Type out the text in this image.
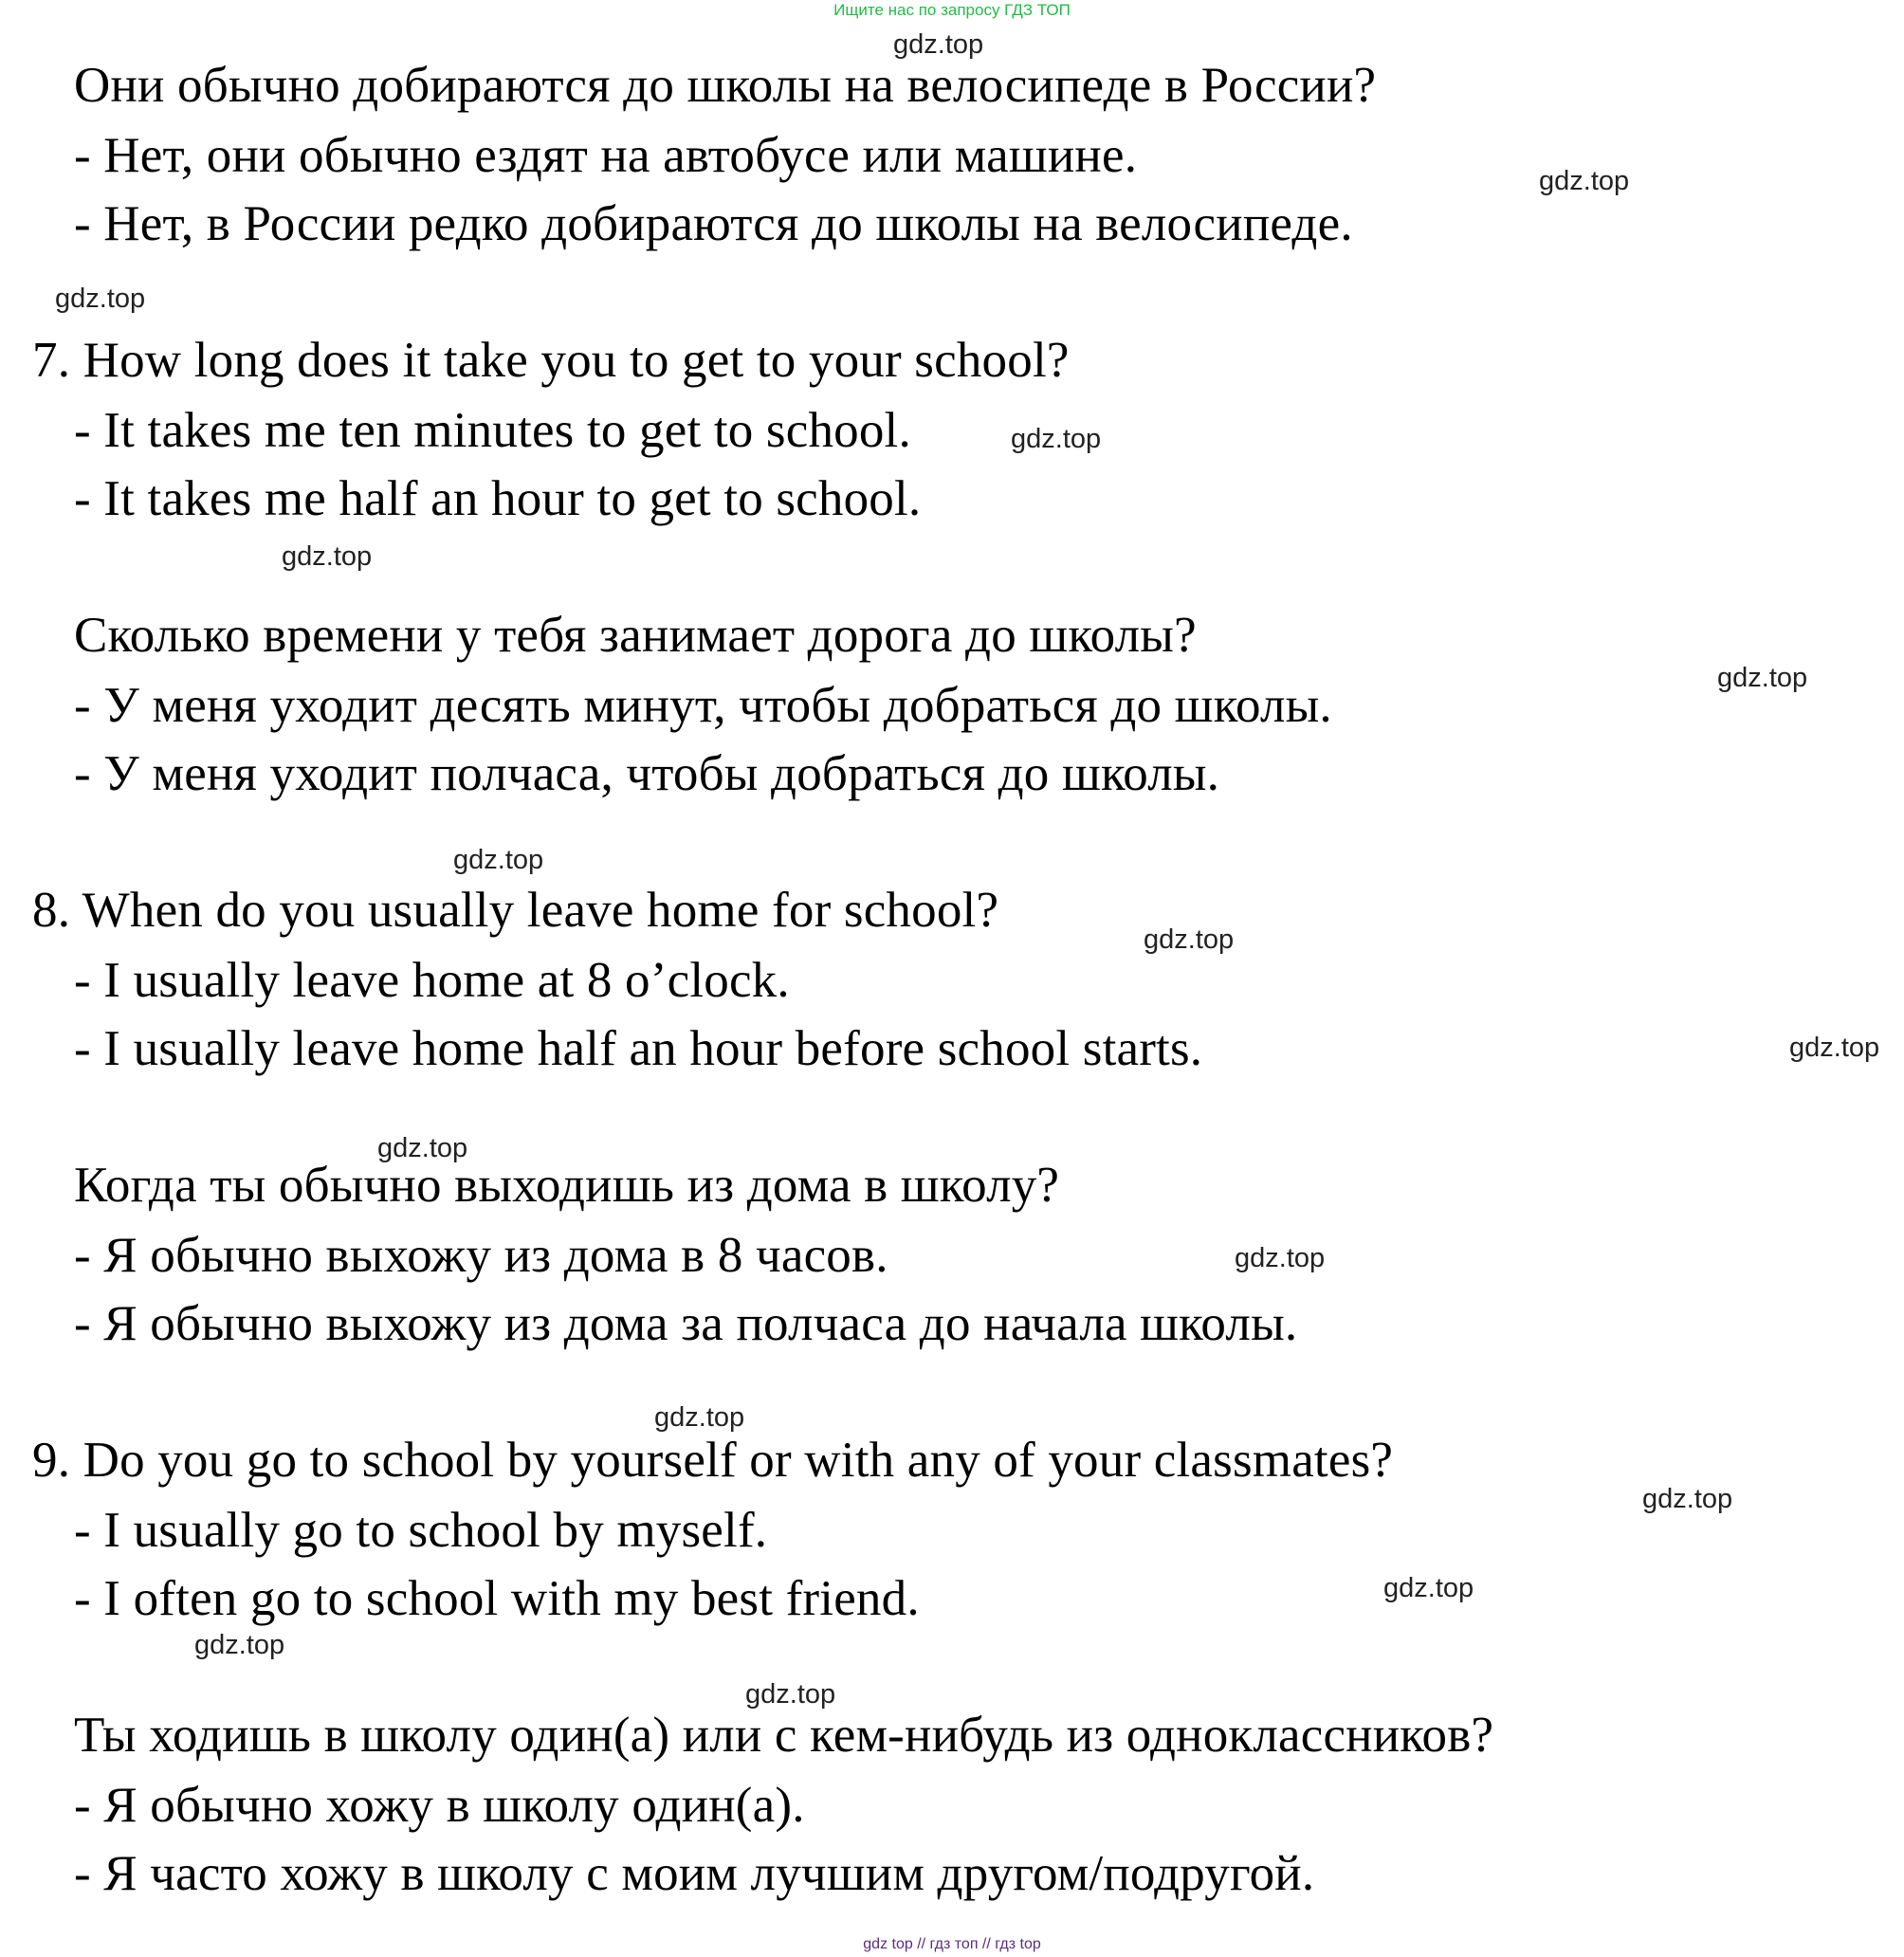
Ищите нас по запросу ГДЗ ТОП
gdz.top
gdz.top
gdz.top
gdz.top
gdz.top
gdz.top
gdz.top
gdz.top
gdz.top
gdz.top
gdz.top
gdz.top
gdz.top
gdz.top
gdz.top
gdz.top
Они обычно добираются до школы на велосипеде в России?
- Нет, они обычно ездят на автобусе или машине.
- Нет, в России редко добираются до школы на велосипеде.
7. How long does it take you to get to your school?
- It takes me ten minutes to get to school.
- It takes me half an hour to get to school.
Сколько времени у тебя занимает дорога до школы?
- У меня уходит десять минут, чтобы добраться до школы.
- У меня уходит полчаса, чтобы добраться до школы.
8. When do you usually leave home for school?
- I usually leave home at 8 o’clock.
- I usually leave home half an hour before school starts.
Когда ты обычно выходишь из дома в школу?
- Я обычно выхожу из дома в 8 часов.
- Я обычно выхожу из дома за полчаса до начала школы.
9. Do you go to school by yourself or with any of your classmates?
- I usually go to school by myself.
- I often go to school with my best friend.
Ты ходишь в школу один(а) или с кем-нибудь из одноклассников?
- Я обычно хожу в школу один(а).
- Я часто хожу в школу с моим лучшим другом/подругой.
gdz top // гдз топ // гдз top
